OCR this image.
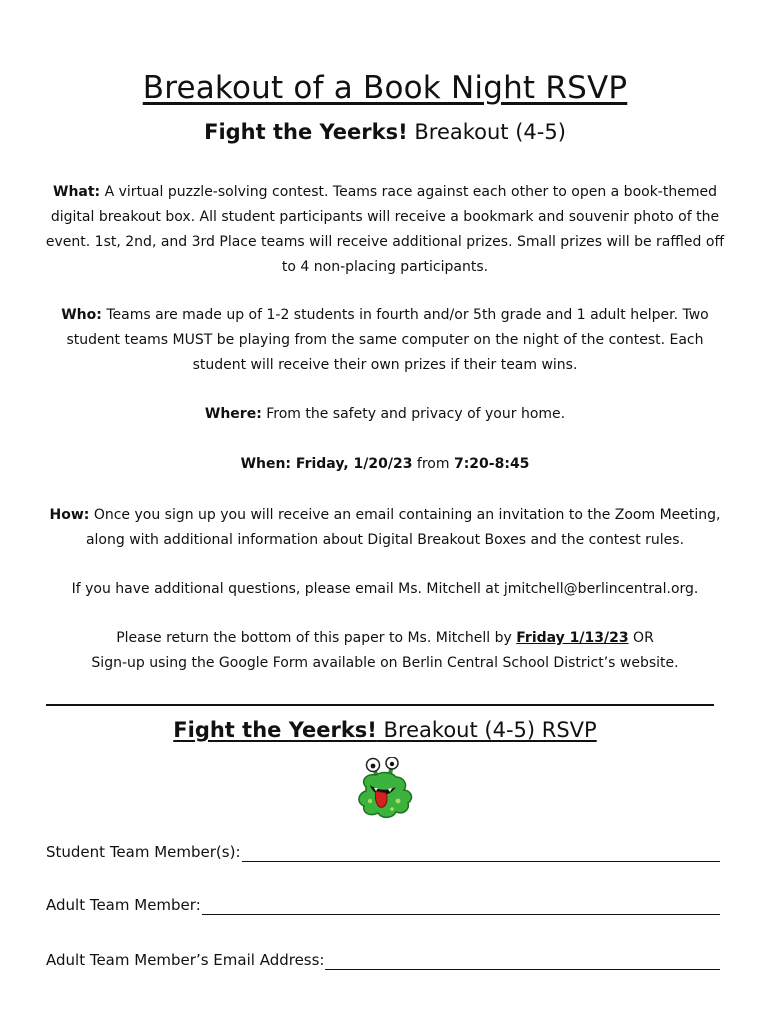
Breakout of a Book Night RSVP
Fight the Yeerks! Breakout (4-5)
What: A virtual puzzle-solving contest. Teams race against each other to open a book-themed digital breakout box. All student participants will receive a bookmark and souvenir photo of the event. 1st, 2nd, and 3rd Place teams will receive additional prizes. Small prizes will be raffled off to 4 non-placing participants.
Who: Teams are made up of 1-2 students in fourth and/or 5th grade and 1 adult helper. Two student teams MUST be playing from the same computer on the night of the contest. Each student will receive their own prizes if their team wins.
Where: From the safety and privacy of your home.
When: Friday, 1/20/23 from 7:20-8:45
How: Once you sign up you will receive an email containing an invitation to the Zoom Meeting, along with additional information about Digital Breakout Boxes and the contest rules.
If you have additional questions, please email Ms. Mitchell at jmitchell@berlincentral.org.
Please return the bottom of this paper to Ms. Mitchell by Friday 1/13/23 OR
Sign-up using the Google Form available on Berlin Central School District’s website.
Fight the Yeerks! Breakout (4-5) RSVP
Student Team Member(s):
Adult Team Member:
Adult Team Member’s Email Address:
